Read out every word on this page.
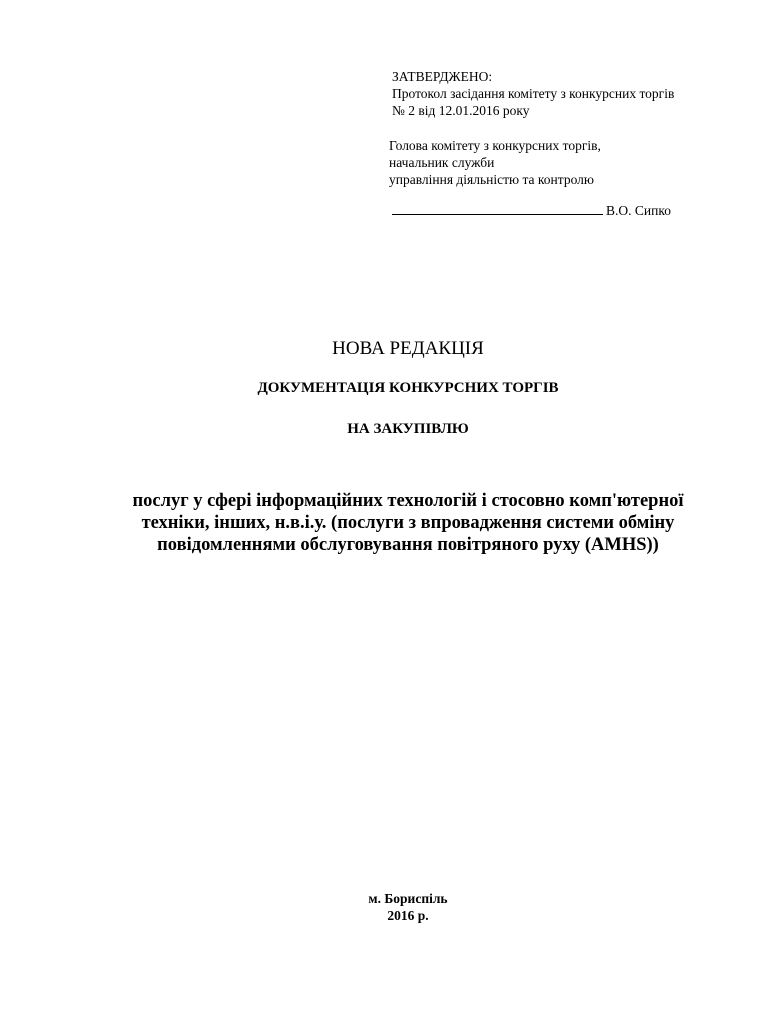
ЗАТВЕРДЖЕНО:
Протокол засідання комітету з конкурсних торгів
№ 2 від 12.01.2016 року
Голова комітету з конкурсних торгів,
начальник служби
управління діяльністю та контролю
В.О. Сипко
НОВА РЕДАКЦІЯ
ДОКУМЕНТАЦІЯ КОНКУРСНИХ ТОРГІВ
НА ЗАКУПІВЛЮ
послуг у сфері інформаційних технологій і стосовно комп'ютерної
техніки, інших, н.в.і.у. (послуги з впровадження системи обміну
повідомленнями обслуговування повітряного руху (AMHS))
м. Бориспіль
2016 р.
